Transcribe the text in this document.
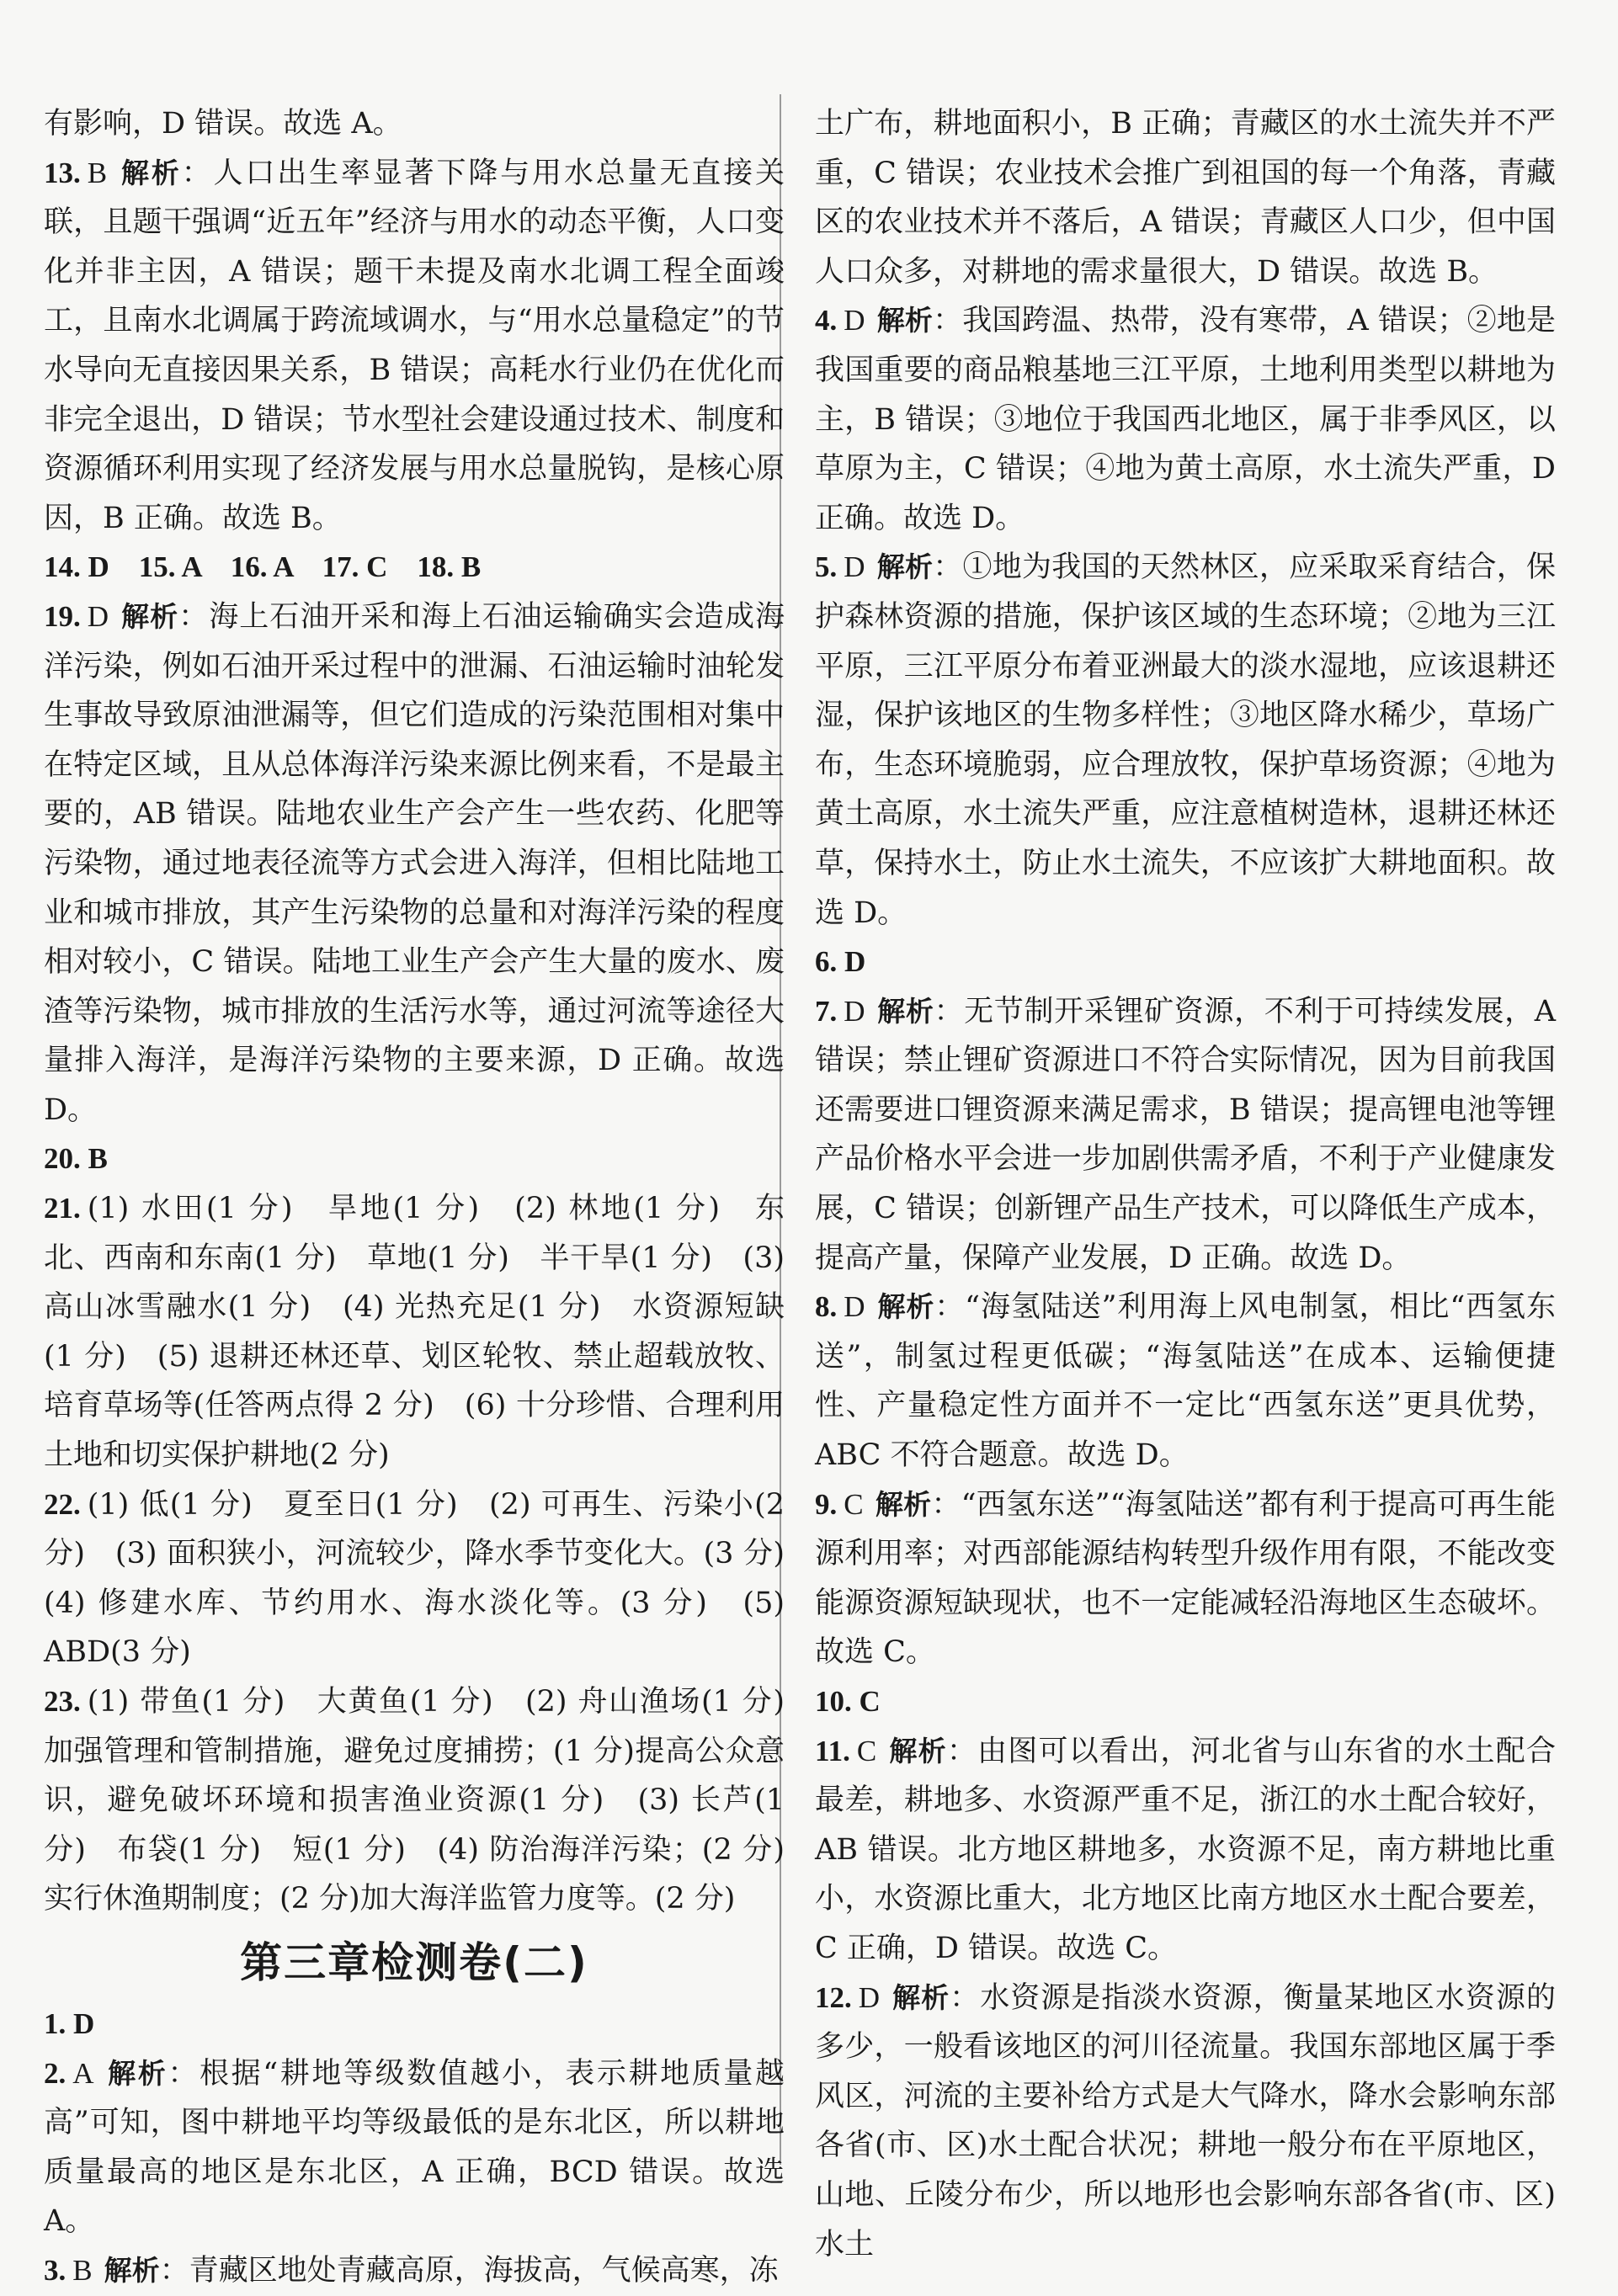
有影响，D 错误。故选 A。

13. B 解析：人口出生率显著下降与用水总量无直接关联，且题干强调“近五年”经济与用水的动态平衡，人口变化并非主因，A 错误；题干未提及南水北调工程全面竣工，且南水北调属于跨流域调水，与“用水总量稳定”的节水导向无直接因果关系，B 错误；高耗水行业仍在优化而非完全退出，D 错误；节水型社会建设通过技术、制度和资源循环利用实现了经济发展与用水总量脱钩，是核心原因，B 正确。故选 B。

14. D　15. A　16. A　17. C　18. B

19. D 解析：海上石油开采和海上石油运输确实会造成海洋污染，例如石油开采过程中的泄漏、石油运输时油轮发生事故导致原油泄漏等，但它们造成的污染范围相对集中在特定区域，且从总体海洋污染来源比例来看，不是最主要的，AB 错误。陆地农业生产会产生一些农药、化肥等污染物，通过地表径流等方式会进入海洋，但相比陆地工业和城市排放，其产生污染物的总量和对海洋污染的程度相对较小，C 错误。陆地工业生产会产生大量的废水、废渣等污染物，城市排放的生活污水等，通过河流等途径大量排入海洋，是海洋污染物的主要来源，D 正确。故选 D。

20. B

21. (1) 水田(1 分)　旱地(1 分)　(2) 林地(1 分)　东北、西南和东南(1 分)　草地(1 分)　半干旱(1 分)　(3) 高山冰雪融水(1 分)　(4) 光热充足(1 分)　水资源短缺(1 分)　(5) 退耕还林还草、划区轮牧、禁止超载放牧、培育草场等(任答两点得 2 分)　(6) 十分珍惜、合理利用土地和切实保护耕地(2 分)

22. (1) 低(1 分)　夏至日(1 分)　(2) 可再生、污染小(2 分)　(3) 面积狭小，河流较少，降水季节变化大。(3 分)　(4) 修建水库、节约用水、海水淡化等。(3 分)　(5) ABD(3 分)

23. (1) 带鱼(1 分)　大黄鱼(1 分)　(2) 舟山渔场(1 分)　加强管理和管制措施，避免过度捕捞；(1 分)提高公众意识，避免破坏环境和损害渔业资源(1 分)　(3) 长芦(1 分)　布袋(1 分)　短(1 分)　(4) 防治海洋污染；(2 分)实行休渔期制度；(2 分)加大海洋监管力度等。(2 分)

第三章检测卷(二)

1. D

2. A 解析：根据“耕地等级数值越小，表示耕地质量越高”可知，图中耕地平均等级最低的是东北区，所以耕地质量最高的地区是东北区，A 正确，BCD 错误。故选 A。

3. B 解析：青藏区地处青藏高原，海拔高，气候高寒，冻

土广布，耕地面积小，B 正确；青藏区的水土流失并不严重，C 错误；农业技术会推广到祖国的每一个角落，青藏区的农业技术并不落后，A 错误；青藏区人口少，但中国人口众多，对耕地的需求量很大，D 错误。故选 B。

4. D 解析：我国跨温、热带，没有寒带，A 错误；②地是我国重要的商品粮基地三江平原，土地利用类型以耕地为主，B 错误；③地位于我国西北地区，属于非季风区，以草原为主，C 错误；④地为黄土高原，水土流失严重，D 正确。故选 D。

5. D 解析：①地为我国的天然林区，应采取采育结合，保护森林资源的措施，保护该区域的生态环境；②地为三江平原，三江平原分布着亚洲最大的淡水湿地，应该退耕还湿，保护该地区的生物多样性；③地区降水稀少，草场广布，生态环境脆弱，应合理放牧，保护草场资源；④地为黄土高原，水土流失严重，应注意植树造林，退耕还林还草，保持水土，防止水土流失，不应该扩大耕地面积。故选 D。

6. D

7. D 解析：无节制开采锂矿资源，不利于可持续发展，A 错误；禁止锂矿资源进口不符合实际情况，因为目前我国还需要进口锂资源来满足需求，B 错误；提高锂电池等锂产品价格水平会进一步加剧供需矛盾，不利于产业健康发展，C 错误；创新锂产品生产技术，可以降低生产成本，提高产量，保障产业发展，D 正确。故选 D。

8. D 解析：“海氢陆送”利用海上风电制氢，相比“西氢东送”，制氢过程更低碳；“海氢陆送”在成本、运输便捷性、产量稳定性方面并不一定比“西氢东送”更具优势，ABC 不符合题意。故选 D。

9. C 解析：“西氢东送”“海氢陆送”都有利于提高可再生能源利用率；对西部能源结构转型升级作用有限，不能改变能源资源短缺现状，也不一定能减轻沿海地区生态破坏。故选 C。

10. C

11. C 解析：由图可以看出，河北省与山东省的水土配合最差，耕地多、水资源严重不足，浙江的水土配合较好，AB 错误。北方地区耕地多，水资源不足，南方耕地比重小，水资源比重大，北方地区比南方地区水土配合要差，C 正确，D 错误。故选 C。

12. D 解析：水资源是指淡水资源，衡量某地区水资源的多少，一般看该地区的河川径流量。我国东部地区属于季风区，河流的主要补给方式是大气降水，降水会影响东部各省(市、区)水土配合状况；耕地一般分布在平原地区，山地、丘陵分布少，所以地形也会影响东部各省(市、区)水土
